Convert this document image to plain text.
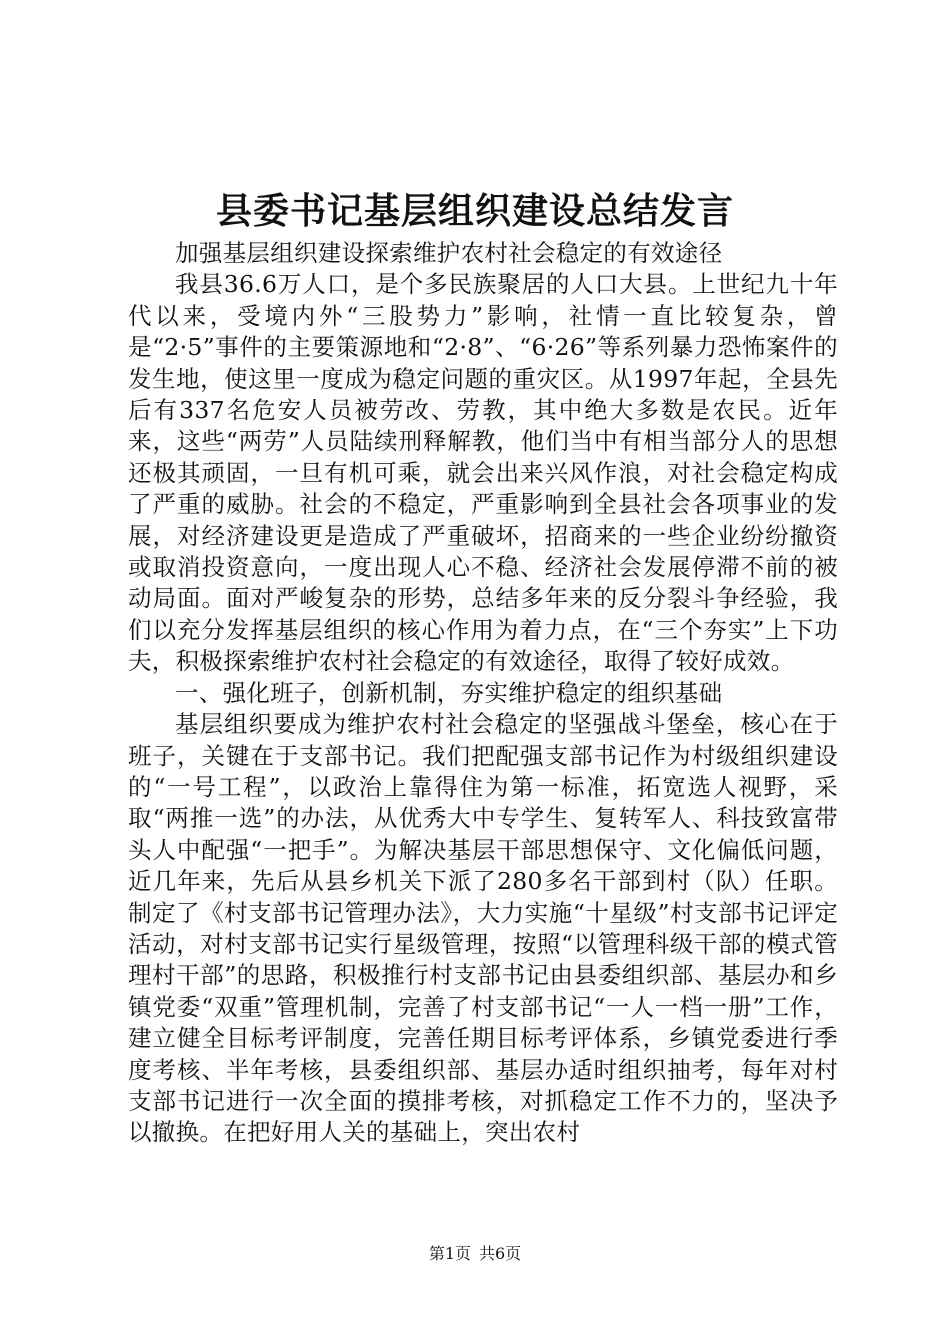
县委书记基层组织建设总结发言

加强基层组织建设探索维护农村社会稳定的有效途径

我县36.6万人口，是个多民族聚居的人口大县。上世纪九十年代以来，受境内外“三股势力”影响，社情一直比较复杂，曾是“2·5”事件的主要策源地和“2·8”、“6·26”等系列暴力恐怖案件的发生地，使这里一度成为稳定问题的重灾区。从1997年起，全县先后有337名危安人员被劳改、劳教，其中绝大多数是农民。近年来，这些“两劳”人员陆续刑释解教，他们当中有相当部分人的思想还极其顽固，一旦有机可乘，就会出来兴风作浪，对社会稳定构成了严重的威胁。社会的不稳定，严重影响到全县社会各项事业的发展，对经济建设更是造成了严重破坏，招商来的一些企业纷纷撤资或取消投资意向，一度出现人心不稳、经济社会发展停滞不前的被动局面。面对严峻复杂的形势，总结多年来的反分裂斗争经验，我们以充分发挥基层组织的核心作用为着力点，在“三个夯实”上下功夫，积极探索维护农村社会稳定的有效途径，取得了较好成效。

一、强化班子，创新机制，夯实维护稳定的组织基础

基层组织要成为维护农村社会稳定的坚强战斗堡垒，核心在于班子，关键在于支部书记。我们把配强支部书记作为村级组织建设的“一号工程”，以政治上靠得住为第一标准，拓宽选人视野，采取“两推一选”的办法，从优秀大中专学生、复转军人、科技致富带头人中配强“一把手”。为解决基层干部思想保守、文化偏低问题，近几年来，先后从县乡机关下派了280多名干部到村（队）任职。制定了《村支部书记管理办法》，大力实施“十星级”村支部书记评定活动，对村支部书记实行星级管理，按照“以管理科级干部的模式管理村干部”的思路，积极推行村支部书记由县委组织部、基层办和乡镇党委“双重”管理机制，完善了村支部书记“一人一档一册”工作，建立健全目标考评制度，完善任期目标考评体系，乡镇党委进行季度考核、半年考核，县委组织部、基层办适时组织抽考，每年对村支部书记进行一次全面的摸排考核，对抓稳定工作不力的，坚决予以撤换。在把好用人关的基础上，突出农村

第1页 共6页
